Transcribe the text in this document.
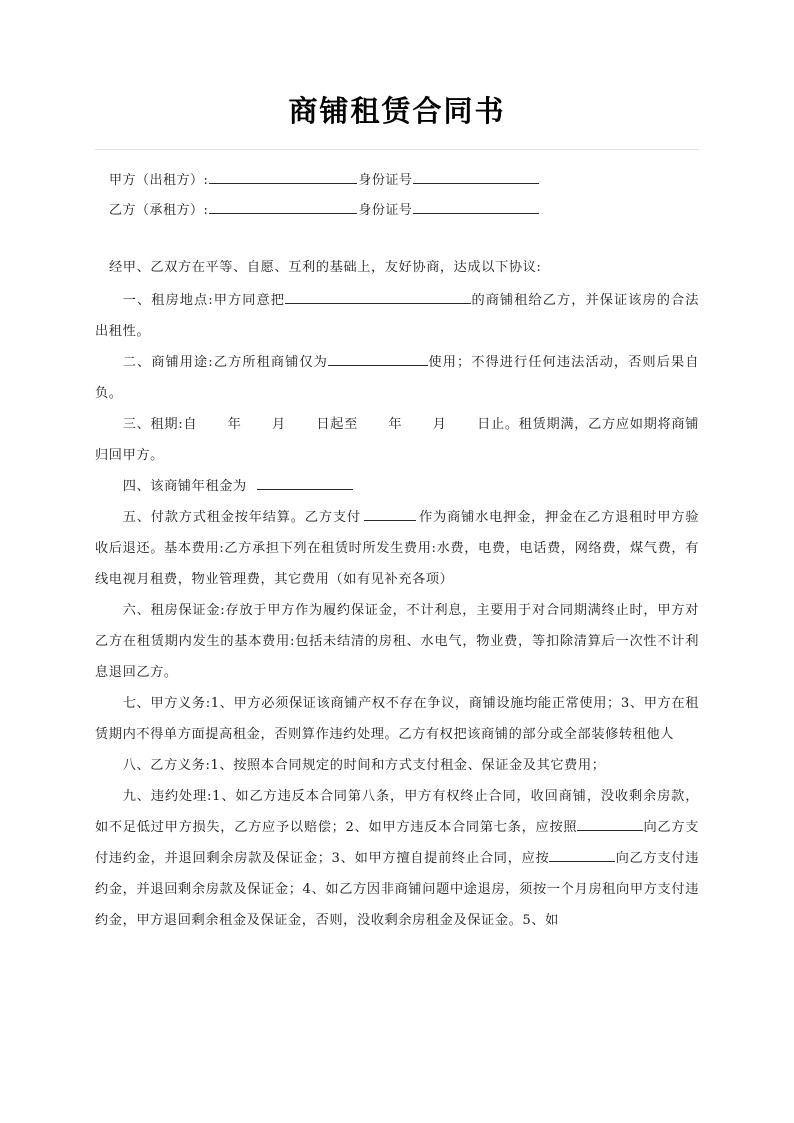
商铺租赁合同书
甲方（出租方）:	身份证号
乙方（承租方）:	身份证号

经甲、乙双方在平等、自愿、互利的基础上，友好协商，达成以下协议:

一、租房地点:甲方同意把	的商铺租给乙方，并保证该房的合法出租性。

二、商铺用途:乙方所租商铺仅为	使用；不得进行任何违法活动，否则后果自负。

三、租期:自 年 月 日起至 年 月 日止。租赁期满，乙方应如期将商铺归回甲方。

四、该商铺年租金为

五、付款方式租金按年结算。乙方支付	作为商铺水电押金，押金在乙方退租时甲方验收后退还。基本费用:乙方承担下列在租赁时所发生费用:水费，电费，电话费，网络费，煤气费，有线电视月租费，物业管理费，其它费用（如有见补充各项）

六、租房保证金:存放于甲方作为履约保证金，不计利息，主要用于对合同期满终止时，甲方对乙方在租赁期内发生的基本费用:包括未结清的房租、水电气，物业费，等扣除清算后一次性不计利息退回乙方。

七、甲方义务:1、甲方必须保证该商铺产权不存在争议，商铺设施均能正常使用；3、甲方在租赁期内不得单方面提高租金，否则算作违约处理。乙方有权把该商铺的部分或全部装修转租他人

八、乙方义务:1、按照本合同规定的时间和方式支付租金、保证金及其它费用；

九、违约处理:1、如乙方违反本合同第八条，甲方有权终止合同，收回商铺，没收剩余房款，如不足低过甲方损失，乙方应予以赔偿；2、如甲方违反本合同第七条，应按照	向乙方支付违约金，并退回剩余房款及保证金；3、如甲方擅自提前终止合同，应按	向乙方支付违约金，并退回剩余房款及保证金；4、如乙方因非商铺问题中途退房，须按一个月房租向甲方支付违约金，甲方退回剩余租金及保证金，否则，没收剩余房租金及保证金。5、如
